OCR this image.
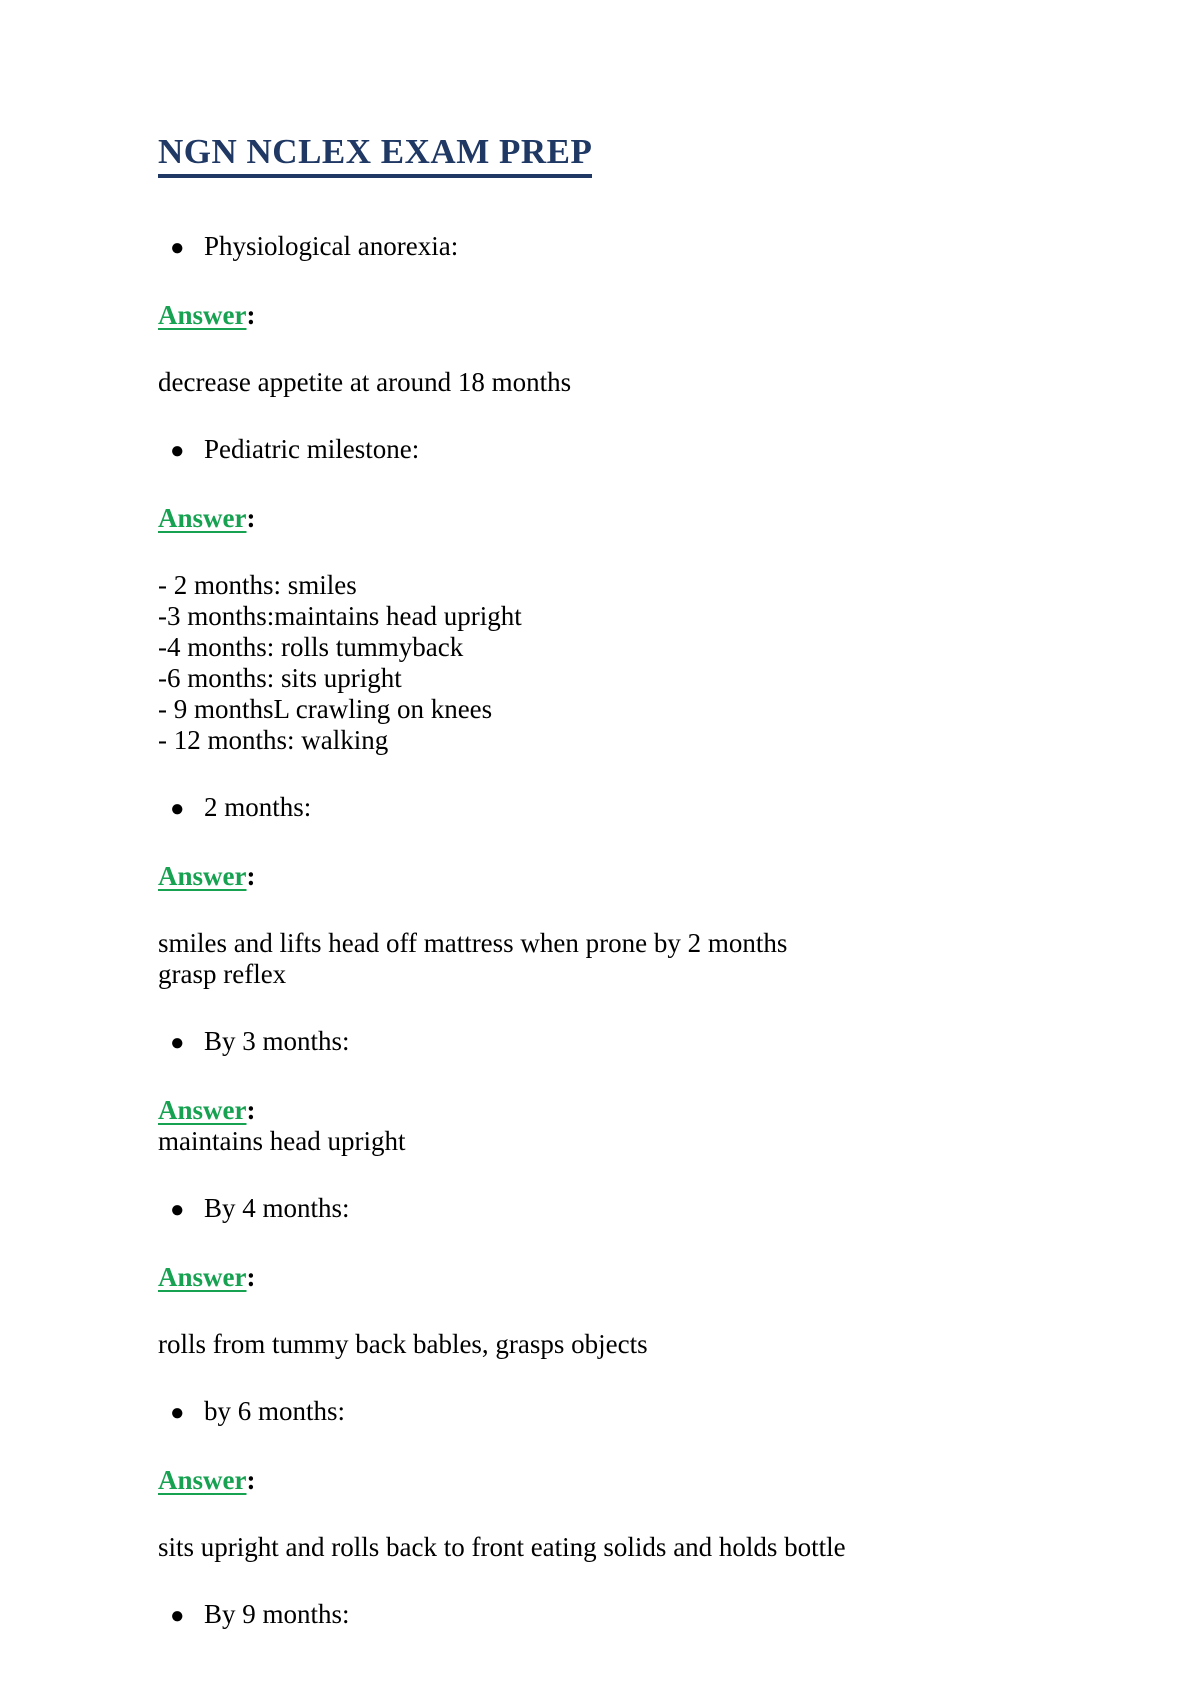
NGN NCLEX EXAM PREP
● Physiological anorexia:

Answer:

decrease appetite at around 18 months

● Pediatric milestone:

Answer:

- 2 months: smiles
-3 months:maintains head upright
-4 months: rolls tummyback
-6 months: sits upright
- 9 monthsL crawling on knees
- 12 months: walking

● 2 months:

Answer:

smiles and lifts head off mattress when prone by 2 months
grasp reflex

● By 3 months:

Answer:
maintains head upright

● By 4 months:

Answer:

rolls from tummy back bables, grasps objects

● by 6 months:

Answer:

sits upright and rolls back to front eating solids and holds bottle

● By 9 months:
